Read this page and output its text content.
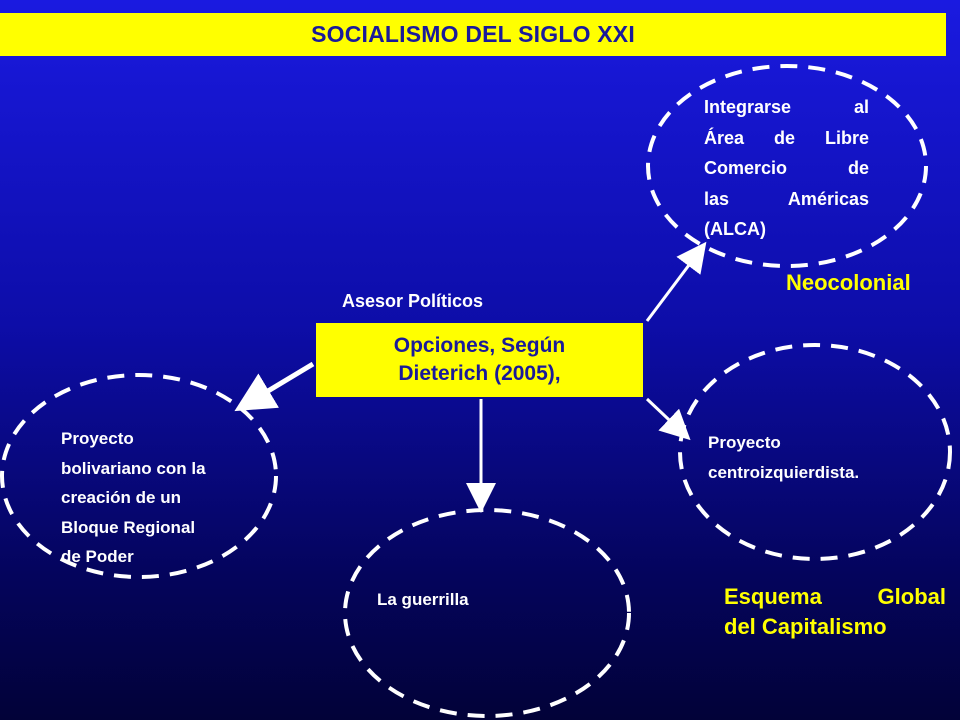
SOCIALISMO DEL SIGLO XXI
Asesor Políticos
Opciones, Según
Dieterich (2005),
Integrarse al
Área de Libre
Comercio de
las Américas
(ALCA)
Neocolonial
Proyecto
centroizquierdista.
Proyecto
bolivariano con la
creación de un
Bloque Regional
de Poder
La guerrilla	Esquema	Global
del Capitalismo
